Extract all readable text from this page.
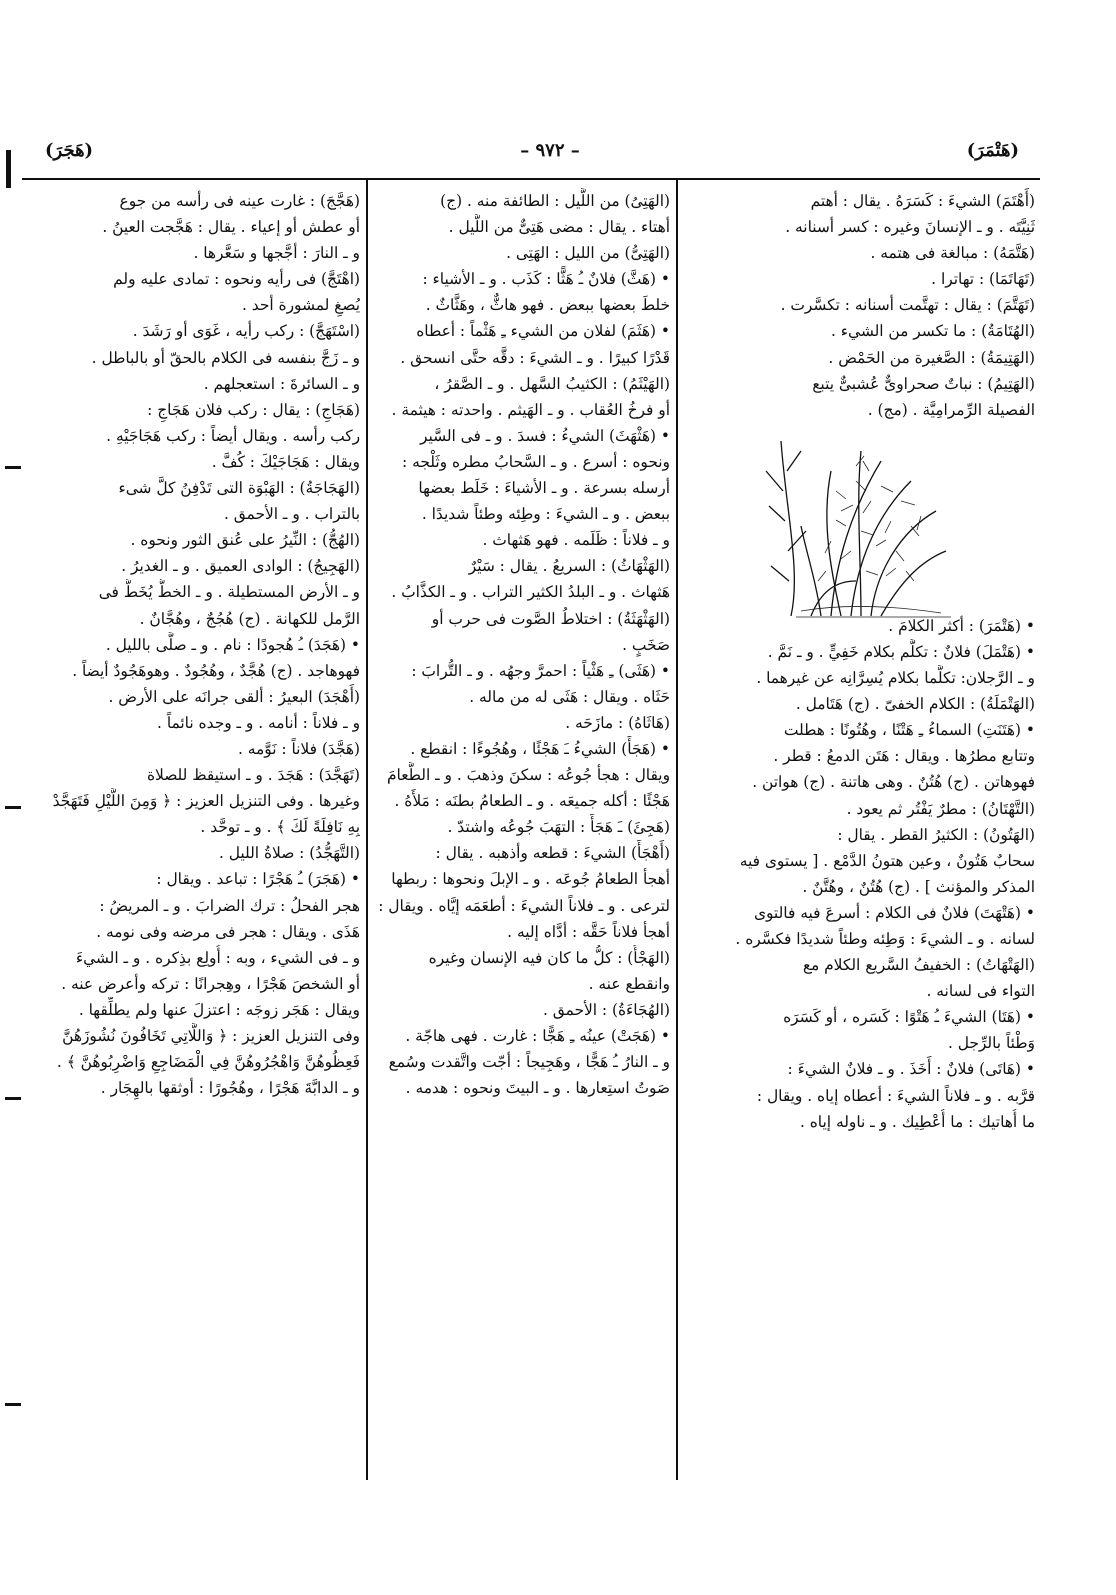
(هَتْمَرَ)
– ٩٧٢ –
(هَجَرَ)
(أَهْتَمَ) الشيءَ : كَسَرَهُ . يقال : أهتم
ثَنِيَّتَه . و ـ الإنسانَ وغيره : كسر أسنانه .
(هَتَّمَهُ) : مبالغة فى هتمه .
(تَهَاتَمَا) : تهاترا .
(تَهَتَّمَ) : يقال : تهتَّمت أسنانه : تكسَّرت .
(الهُتَامَةُ) : ما تكسر من الشيء .
(الهَتِيمَةُ) : الصَّغيرة من الحَمْض .
(الهَتِيمُ) : نباتٌ صحراوىٌّ عُشبىٌّ يتبع
الفصيلة الرِّمرامِيَّة . (مج) .
• (هَتْمَرَ) : أكثر الكلامَ .
• (هَتْمَلَ) فلانٌ : تكلَّم بكلام خَفِيٍّ . و ـ نَمَّ .
و ـ الرَّجلان: تكلَّما بكلام يُسِرَّانِه عن غيرهما .
(الهَتْمَلَةُ) : الكلام الخفىّ . (ج) هَتَامل .
• (هَتَنَتِ) السماءُ ـِ هَتْنًا ، وهُتُونًا : هطلت
وتتابع مطرُها . ويقال : هَتَن الدمعُ : قطر .
فهوهاتن . (ج) هُتُنٌ . وهى هاتنة . (ج) هواتن .
(التَّهْتَانُ) : مطرٌ يَفْتُر ثم يعود .
(الهَتُونُ) : الكثيرُ القطر . يقال :
سحابٌ هَتُونٌ ، وعين هتونُ الدَّمْع . [ يستوى فيه
المذكر والمؤنث ] . (ج) هُتُنٌ ، وهُتَّنٌ .
• (هَتْهَتَ) فلانٌ فى الكلام : أسرعَ فيه فالتوى
لسانه . و ـ الشيءَ : وَطِئه وطئاً شديدًا فكسَّره .
(الهَتْهَاتُ) : الخفيفُ السَّريع الكلام مع
التواء فى لسانه .
• (هَتَا) الشيءَ ـُ هَتْوًا : كَسَره ، أو كَسَرَه
وَطْئاً بالرِّجل .
• (هَاتَى) فلانٌ : أَخَذَ . و ـ فلانٌ الشيءَ :
قرَّبه . و ـ فلاناً الشيءَ : أعطاه إياه . ويقال :
ما أُهاتيك : ما أُعْطِيك . و ـ ناوله إياه .
(الهَتِىُ) من اللَّيل : الطائفة منه . (ج)
أهتاء . يقال : مضى هَتِىٌّ من اللَّيل .
(الهَتِىُّ) من الليل : الهَتِى .
• (هَثَّ) فلانٌ ـُ هَثًّا : كَذَب . و ـ الأشياء :
خلطَ بعضها ببعض . فهو هاثٌّ ، وهَثَّاثٌ .
• (هَثَمَ) لفلان من الشيء ـِ هَثْماً : أعطاه
قَدْرًا كبيرًا . و ـ الشيءَ : دقَّه حتَّى انسحق .
(الهَيْثَمُ) : الكثيبُ السَّهل . و ـ الصَّقرُ ،
أو فرخُ العُقاب . و ـ الهَيثم . واحدته : هيثمة .
• (هَثْهَثَ) الشيءُ : فسدَ . و ـ فى السَّير
ونحوه : أسرع . و ـ السَّحابُ مطره وثَلْجه :
أرسله بسرعة . و ـ الأشياءَ : خَلَط بعضها
ببعض . و ـ الشيءَ : وطِئه وطئاً شديدًا .
و ـ فلاناً : ظَلَمه . فهو هَثهاث .
(الهَثْهَاثُ) : السريعُ . يقال : سَيْرٌ
هَثهاث . و ـ البلدُ الكثير التراب . و ـ الكذَّابُ .
(الهَثْهَثَةُ) : اختلاطُ الصَّوت فى حرب أو
صَخَبٍ .
• (هَثَى) ـِ هَثْياً : احمرَّ وجهُه . و ـ التُّرابَ :
حَثَاه . ويقال : هَثَى له من ماله .
(هَاثَاهُ) : مازَحَه .
• (هَجَأَ) الشيءُ ـَ هَجْئًا ، وهُجُوءًا : انقطع .
ويقال : هجأ جُوعُه : سكنَ وذهبَ . و ـ الطَّعامَ
هَجْئًا : أكله جميعَه . و ـ الطعامُ بطنَه : مَلأَهُ .
(هَجِئَ) ـَ هَجَأً : التهَبَ جُوعُه واشتدّ .
(أَهْجَأَ) الشيءَ : قطعه وأذهبه . يقال :
أهجأ الطعامُ جُوعَه . و ـ الإبلَ ونحوها : ربطها
لترعى . و ـ فلاناً الشيءَ : أطعَمَه إيَّاه . ويقال :
أهجأ فلاناً حَقَّه : أدَّاه إليه .
(الهَجْأُ) : كلُّ ما كان فيه الإنسان وغيره
وانقطع عنه .
(الهُجَاءَةُ) : الأحمق .
• (هَجَتْ) عينُه ـِ هَجًّا : غارت . فهى هاجّة .
و ـ النارُ ـُ هَجًّا ، وهَجِيجاً : أجّت واتَّقدت وسُمع
صَوتُ استِعارها . و ـ البيتَ ونحوه : هدمه .
(هَجَّجَ) : غارت عينه فى رأسه من جوع
أو عطش أو إعياء . يقال : هَجَّجت العينُ .
و ـ النارَ : أجَّجها و سَعَّرها .
(اهْتَجَّ) فى رأيه ونحوه : تمادى عليه ولم
يُصغِ لمشورة أحد .
(اسْتَهَجَّ) : ركب رأيه ، غَوَى أو رَشَدَ .
و ـ زَجَّ بنفسه فى الكلام بالحقّ أو بالباطل .
و ـ السائرةَ : استعجلهم .
(هَجَاجِ) : يقال : ركب فلان هَجَاجِ :
ركب رأسه . ويقال أيضاً : ركب هَجَاجَيْهِ .
ويقال : هَجَاجَيْكَ : كُفَّ .
(الهَجَاجَةُ) : الهَبْوَة التى تَدْفِنُ كلَّ شىء
بالتراب . و ـ الأحمق .
(الهُجُّ) : النِّيرُ على عُنق الثور ونحوه .
(الهَجِيجُ) : الوادى العميق . و ـ الغديرُ .
و ـ الأرض المستطيلة . و ـ الخطُّ يُخَطُّ فى
الرَّمل للكهانة . (ج) هُجُجٌ ، وهُجَّانٌ .
• (هَجَدَ) ـُ هُجودًا : نام . و ـ صلَّى بالليل .
فهوهاجد . (ج) هُجَّدٌ ، وهُجُودٌ . وهوهَجُودٌ أيضاً .
(أَهْجَدَ) البعيرُ : ألقى جرانَه على الأرض .
و ـ فلاناً : أنامه . و ـ وجده نائماً .
(هَجَّدَ) فلاناً : نَوَّمه .
(تَهَجَّدَ) : هَجَدَ . و ـ استيقظ للصلاة
وغيرها . وفى التنزيل العزيز : ﴿ وَمِنَ اللَّيْلِ فَتَهَجَّدْ
بِهِ نَافِلَةً لَكَ ﴾ . و ـ توحَّد .
(التَّهَجُّدُ) : صلاةُ الليل .
• (هَجَرَ) ـُ هَجْرًا : تباعد . ويقال :
هجر الفحلُ : ترك الضرابَ . و ـ المريضُ :
هَذَى . ويقال : هجر فى مرضه وفى نومه .
و ـ فى الشيء ، وبه : أُولِع بذِكره . و ـ الشيءَ
أو الشخصَ هَجْرًا ، وهِجرانًا : تركه وأعرض عنه .
ويقال : هَجَر زوجَه : اعتزلَ عنها ولم يطلِّقها .
وفى التنزيل العزيز : ﴿ وَاللَّاتِي تَخَافُونَ نُشُوزَهُنَّ
فَعِظُوهُنَّ وَاهْجُرُوهُنَّ فِي الْمَضَاجِعِ وَاضْرِبُوهُنَّ ﴾ .
و ـ الدابَّةَ هَجْرًا ، وهُجُورًا : أوثقها بالهِجَار .
